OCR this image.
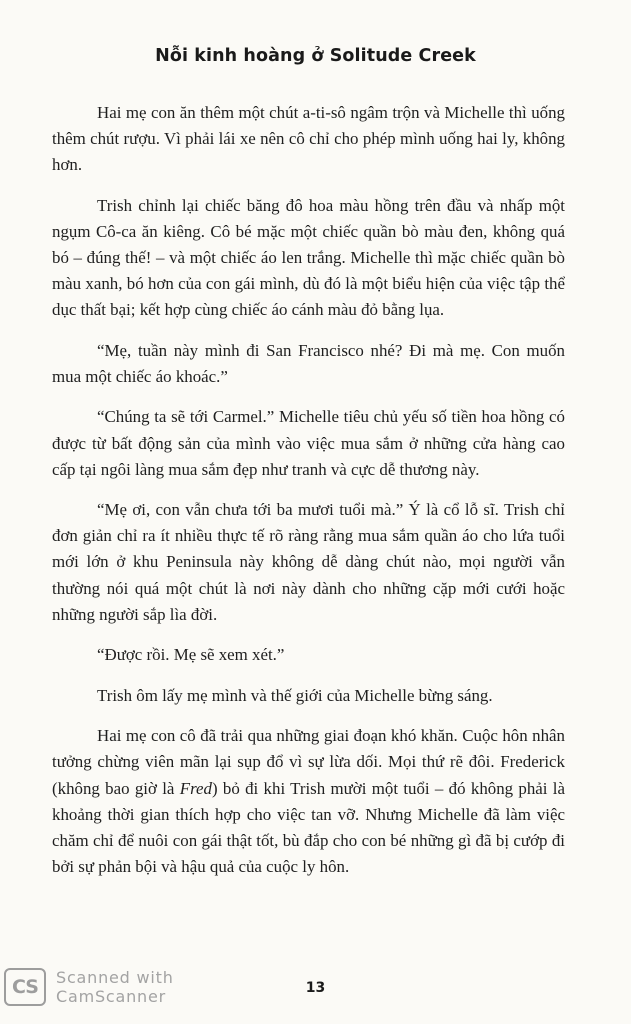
Nỗi kinh hoàng ở Solitude Creek

Hai mẹ con ăn thêm một chút a-ti-sô ngâm trộn và Michelle thì uống thêm chút rượu. Vì phải lái xe nên cô chỉ cho phép mình uống hai ly, không hơn.

Trish chỉnh lại chiếc băng đô hoa màu hồng trên đầu và nhấp một ngụm Cô-ca ăn kiêng. Cô bé mặc một chiếc quần bò màu đen, không quá bó – đúng thế! – và một chiếc áo len trắng. Michelle thì mặc chiếc quần bò màu xanh, bó hơn của con gái mình, dù đó là một biểu hiện của việc tập thể dục thất bại; kết hợp cùng chiếc áo cánh màu đỏ bằng lụa.

“Mẹ, tuần này mình đi San Francisco nhé? Đi mà mẹ. Con muốn mua một chiếc áo khoác.”

“Chúng ta sẽ tới Carmel.” Michelle tiêu chủ yếu số tiền hoa hồng có được từ bất động sản của mình vào việc mua sắm ở những cửa hàng cao cấp tại ngôi làng mua sắm đẹp như tranh và cực dễ thương này.

“Mẹ ơi, con vẫn chưa tới ba mươi tuổi mà.” Ý là cổ lỗ sĩ. Trish chỉ đơn giản chỉ ra ít nhiều thực tế rõ ràng rằng mua sắm quần áo cho lứa tuổi mới lớn ở khu Peninsula này không dễ dàng chút nào, mọi người vẫn thường nói quá một chút là nơi này dành cho những cặp mới cưới hoặc những người sắp lìa đời.

“Được rồi. Mẹ sẽ xem xét.”

Trish ôm lấy mẹ mình và thế giới của Michelle bừng sáng.

Hai mẹ con cô đã trải qua những giai đoạn khó khăn. Cuộc hôn nhân tưởng chừng viên mãn lại sụp đổ vì sự lừa dối. Mọi thứ rẽ đôi. Frederick (không bao giờ là Fred) bỏ đi khi Trish mười một tuổi – đó không phải là khoảng thời gian thích hợp cho việc tan vỡ. Nhưng Michelle đã làm việc chăm chỉ để nuôi con gái thật tốt, bù đắp cho con bé những gì đã bị cướp đi bởi sự phản bội và hậu quả của cuộc ly hôn.

CS	Scanned with
CamScanner	13
